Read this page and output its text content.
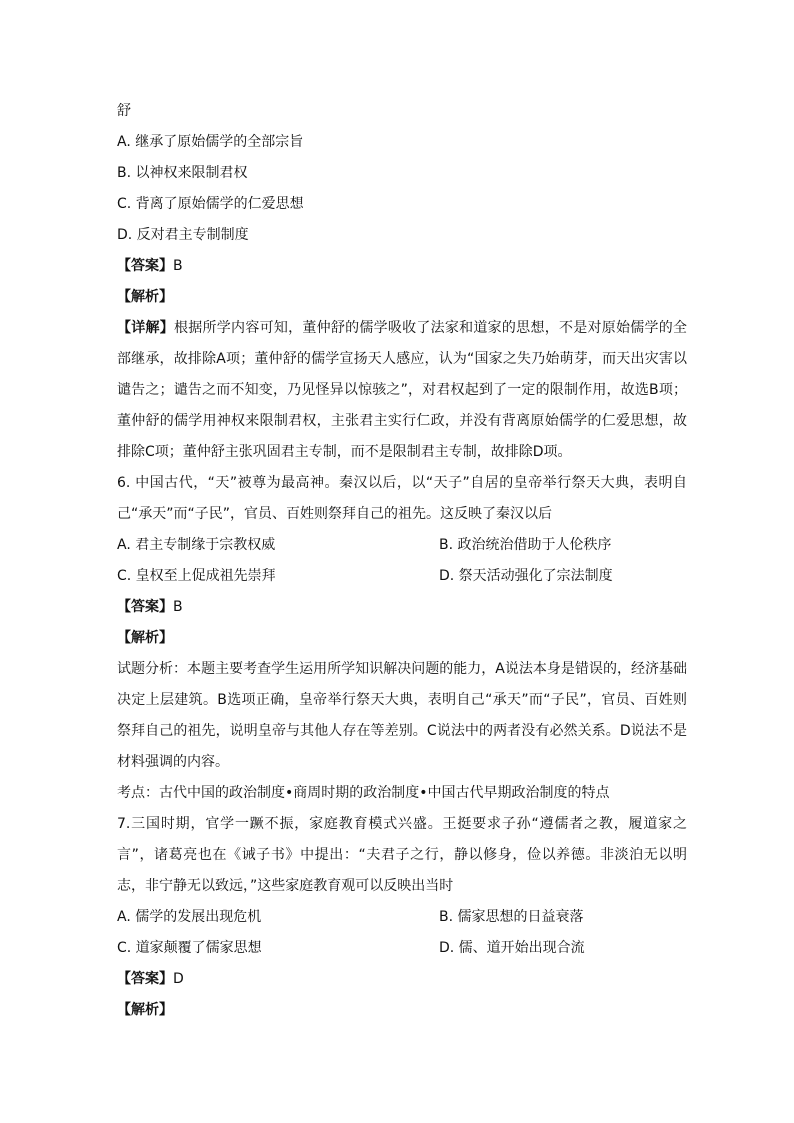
舒
A. 继承了原始儒学的全部宗旨
B. 以神权来限制君权
C. 背离了原始儒学的仁爱思想
D. 反对君主专制制度
【答案】B
【解析】
【详解】根据所学内容可知，董仲舒的儒学吸收了法家和道家的思想，不是对原始儒学的全部继承，故排除A项；董仲舒的儒学宣扬天人感应，认为“国家之失乃始萌芽，而天出灾害以谴告之；谴告之而不知变，乃见怪异以惊骇之”，对君权起到了一定的限制作用，故选B项；董仲舒的儒学用神权来限制君权，主张君主实行仁政，并没有背离原始儒学的仁爱思想，故排除C项；董仲舒主张巩固君主专制，而不是限制君主专制，故排除D项。
6. 中国古代，“天”被尊为最高神。秦汉以后，以“天子”自居的皇帝举行祭天大典，表明自己“承天”而“子民”，官员、百姓则祭拜自己的祖先。这反映了秦汉以后
A. 君主专制缘于宗教权威	B. 政治统治借助于人伦秩序
C. 皇权至上促成祖先崇拜	D. 祭天活动强化了宗法制度
【答案】B
【解析】
试题分析：本题主要考查学生运用所学知识解决问题的能力，A说法本身是错误的，经济基础决定上层建筑。B选项正确，皇帝举行祭天大典，表明自己“承天”而“子民”，官员、百姓则祭拜自己的祖先，说明皇帝与其他人存在等差别。C说法中的两者没有必然关系。D说法不是材料强调的内容。
考点：古代中国的政治制度•商周时期的政治制度•中国古代早期政治制度的特点
7.三国时期，官学一蹶不振，家庭教育模式兴盛。王挺要求子孙“遵儒者之教，履道家之言”，诸葛亮也在《诫子书》中提出：“夫君子之行，静以修身，俭以养德。非淡泊无以明志，非宁静无以致远，”这些家庭教育观可以反映出当时
A. 儒学的发展出现危机	B. 儒家思想的日益衰落
C. 道家颠覆了儒家思想	D. 儒、道开始出现合流
【答案】D
【解析】
